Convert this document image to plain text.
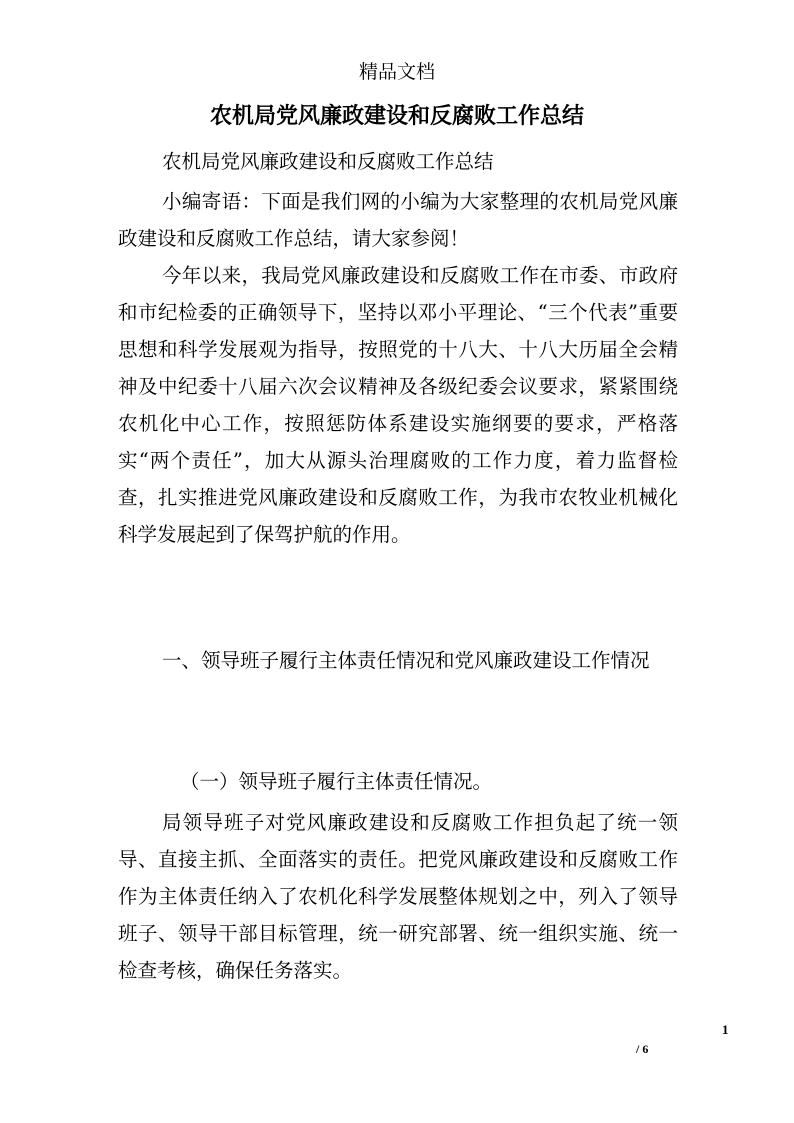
精品文档
农机局党风廉政建设和反腐败工作总结
农机局党风廉政建设和反腐败工作总结
小编寄语：下面是我们网的小编为大家整理的农机局党风廉政建设和反腐败工作总结，请大家参阅！
今年以来，我局党风廉政建设和反腐败工作在市委、市政府和市纪检委的正确领导下，坚持以邓小平理论、“三个代表”重要思想和科学发展观为指导，按照党的十八大、十八大历届全会精神及中纪委十八届六次会议精神及各级纪委会议要求，紧紧围绕农机化中心工作，按照惩防体系建设实施纲要的要求，严格落实“两个责任”，加大从源头治理腐败的工作力度，着力监督检查，扎实推进党风廉政建设和反腐败工作，为我市农牧业机械化科学发展起到了保驾护航的作用。
一、领导班子履行主体责任情况和党风廉政建设工作情况
（一）领导班子履行主体责任情况。
局领导班子对党风廉政建设和反腐败工作担负起了统一领导、直接主抓、全面落实的责任。把党风廉政建设和反腐败工作作为主体责任纳入了农机化科学发展整体规划之中，列入了领导班子、领导干部目标管理，统一研究部署、统一组织实施、统一检查考核，确保任务落实。
1
/ 6
